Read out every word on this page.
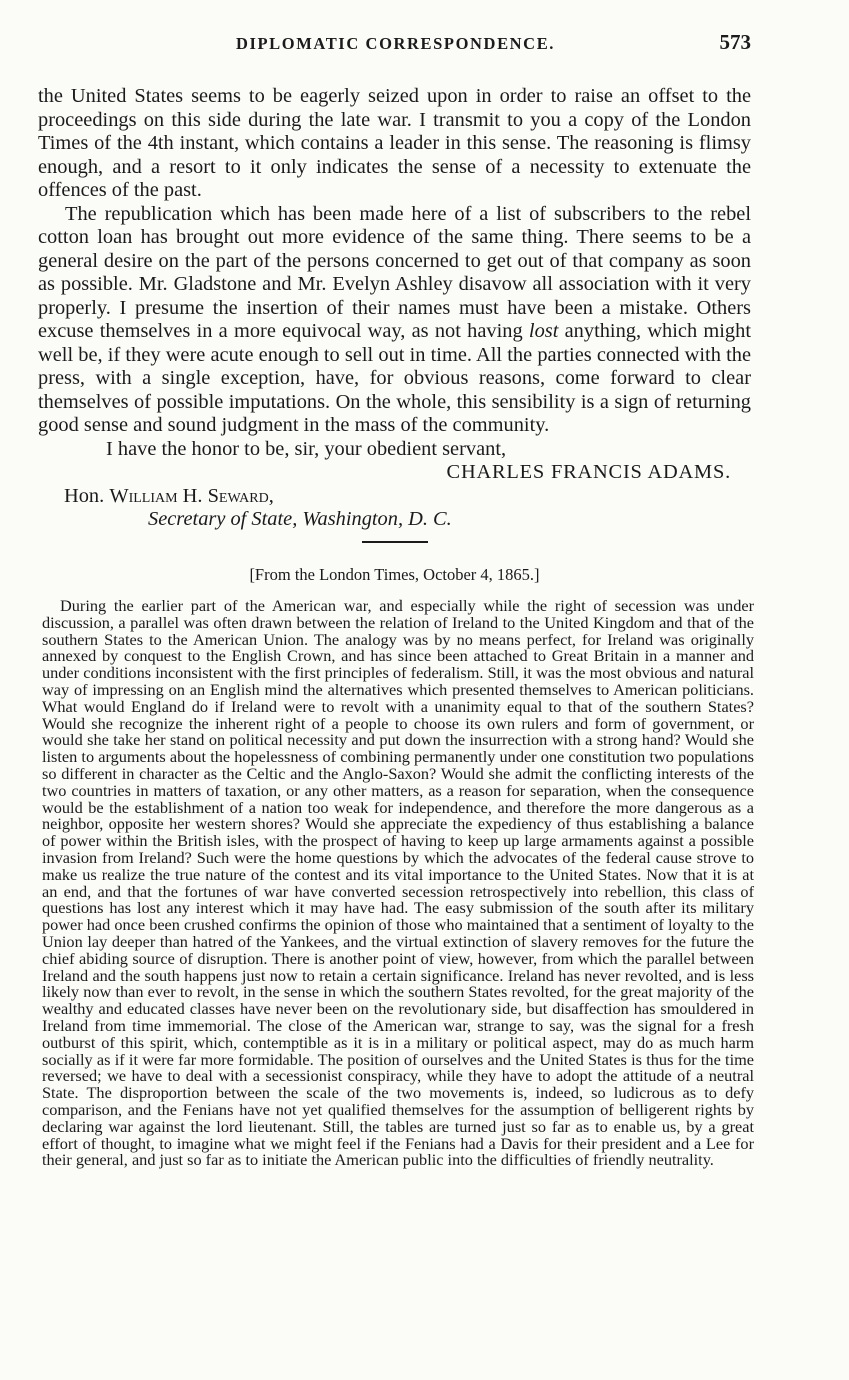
DIPLOMATIC CORRESPONDENCE.	573

the United States seems to be eagerly seized upon in order to raise an offset to the proceedings on this side during the late war. I transmit to you a copy of the London Times of the 4th instant, which contains a leader in this sense. The reasoning is flimsy enough, and a resort to it only indicates the sense of a necessity to extenuate the offences of the past.

The republication which has been made here of a list of subscribers to the rebel cotton loan has brought out more evidence of the same thing. There seems to be a general desire on the part of the persons concerned to get out of that company as soon as possible. Mr. Gladstone and Mr. Evelyn Ashley disavow all association with it very properly. I presume the insertion of their names must have been a mistake. Others excuse themselves in a more equivocal way, as not having lost anything, which might well be, if they were acute enough to sell out in time. All the parties connected with the press, with a single exception, have, for obvious reasons, come forward to clear themselves of possible imputations. On the whole, this sensibility is a sign of returning good sense and sound judgment in the mass of the community.

I have the honor to be, sir, your obedient servant,

CHARLES FRANCIS ADAMS.

Hon. William H. Seward,

Secretary of State, Washington, D. C.

[From the London Times, October 4, 1865.]

During the earlier part of the American war, and especially while the right of secession was under discussion, a parallel was often drawn between the relation of Ireland to the United Kingdom and that of the southern States to the American Union. The analogy was by no means perfect, for Ireland was originally annexed by conquest to the English Crown, and has since been attached to Great Britain in a manner and under conditions inconsistent with the first principles of federalism. Still, it was the most obvious and natural way of impressing on an English mind the alternatives which presented themselves to American politicians. What would England do if Ireland were to revolt with a unanimity equal to that of the southern States? Would she recognize the inherent right of a people to choose its own rulers and form of government, or would she take her stand on political necessity and put down the insurrection with a strong hand? Would she listen to arguments about the hopelessness of combining permanently under one constitution two populations so different in character as the Celtic and the Anglo-Saxon? Would she admit the conflicting interests of the two countries in matters of taxation, or any other matters, as a reason for separation, when the consequence would be the establishment of a nation too weak for independence, and therefore the more dangerous as a neighbor, opposite her western shores? Would she appreciate the expediency of thus establishing a balance of power within the British isles, with the prospect of having to keep up large armaments against a possible invasion from Ireland? Such were the home questions by which the advocates of the federal cause strove to make us realize the true nature of the contest and its vital importance to the United States. Now that it is at an end, and that the fortunes of war have converted secession retrospectively into rebellion, this class of questions has lost any interest which it may have had. The easy submission of the south after its military power had once been crushed confirms the opinion of those who maintained that a sentiment of loyalty to the Union lay deeper than hatred of the Yankees, and the virtual extinction of slavery removes for the future the chief abiding source of disruption. There is another point of view, however, from which the parallel between Ireland and the south happens just now to retain a certain significance. Ireland has never revolted, and is less likely now than ever to revolt, in the sense in which the southern States revolted, for the great majority of the wealthy and educated classes have never been on the revolutionary side, but disaffection has smouldered in Ireland from time immemorial. The close of the American war, strange to say, was the signal for a fresh outburst of this spirit, which, contemptible as it is in a military or political aspect, may do as much harm socially as if it were far more formidable. The position of ourselves and the United States is thus for the time reversed; we have to deal with a secessionist conspiracy, while they have to adopt the attitude of a neutral State. The disproportion between the scale of the two movements is, indeed, so ludicrous as to defy comparison, and the Fenians have not yet qualified themselves for the assumption of belligerent rights by declaring war against the lord lieutenant. Still, the tables are turned just so far as to enable us, by a great effort of thought, to imagine what we might feel if the Fenians had a Davis for their president and a Lee for their general, and just so far as to initiate the American public into the difficulties of friendly neutrality.
